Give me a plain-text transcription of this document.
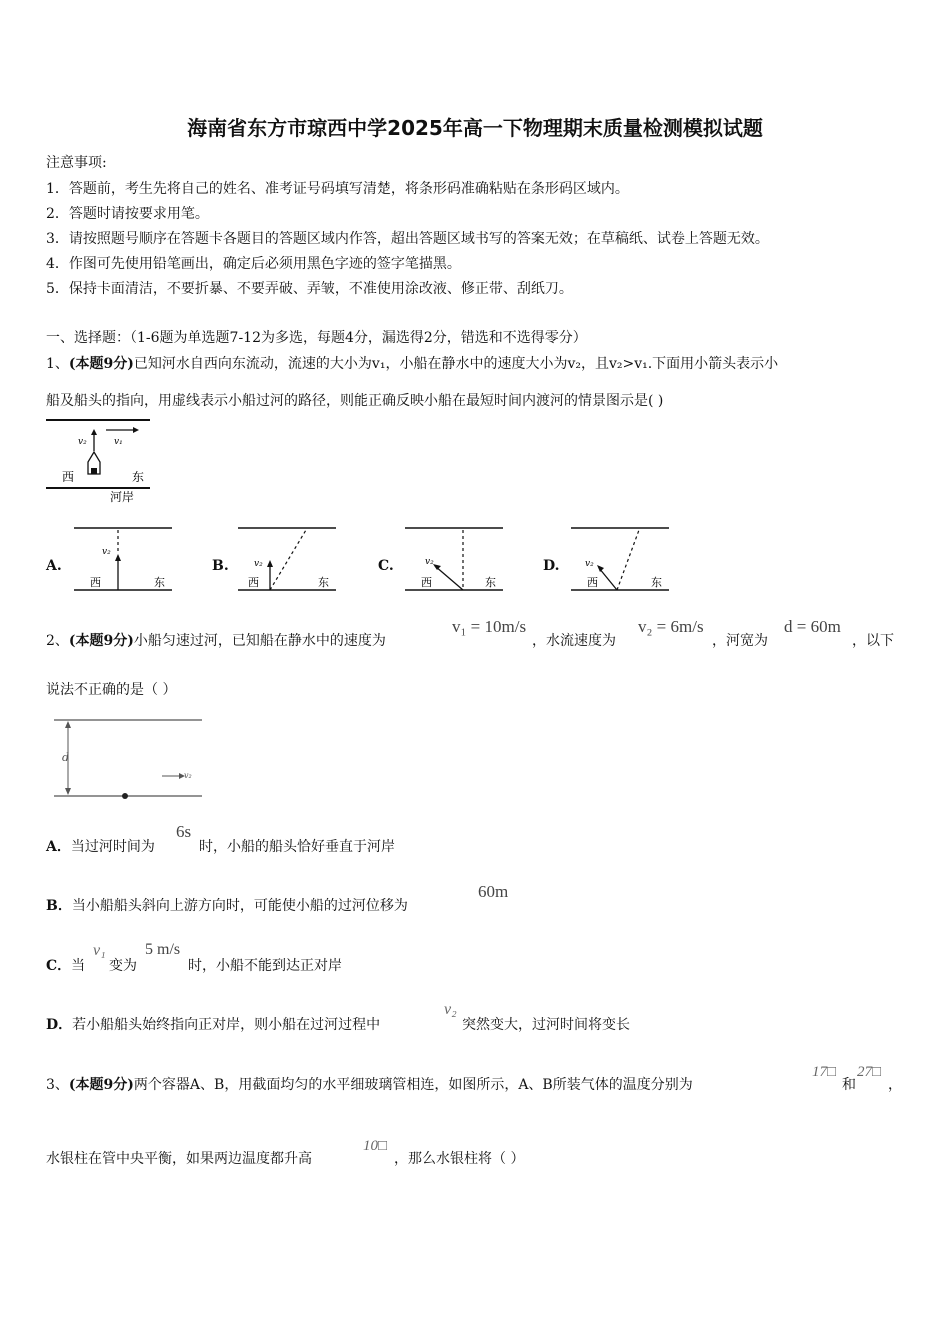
海南省东方市琼西中学2025年高一下物理期末质量检测模拟试题
注意事项:
1．答题前，考生先将自己的姓名、准考证号码填写清楚，将条形码准确粘贴在条形码区域内。
2．答题时请按要求用笔。
3．请按照题号顺序在答题卡各题目的答题区域内作答，超出答题区域书写的答案无效；在草稿纸、试卷上答题无效。
4．作图可先使用铅笔画出，确定后必须用黑色字迹的签字笔描黑。
5．保持卡面清洁，不要折暴、不要弄破、弄皱，不准使用涂改液、修正带、刮纸刀。
一、选择题：（1-6题为单选题7-12为多选，每题4分，漏选得2分，错选和不选得零分）
1、(本题9分)已知河水自西向东流动，流速的大小为v₁，小船在静水中的速度大小为v₂，且v₂>v₁.下面用小箭头表示小
船及船头的指向，用虚线表示小船过河的路径，则能正确反映小船在最短时间内渡河的情景图示是( )
v₂	v₁
西	东
河岸
A.
v₂
西	东
B.	v₂
西	东
C.	v₂
西	东
D.	v₂
西	东
2、(本题9分)小船匀速过河，已知船在静水中的速度为
v₁ = 10m/s
，水流速度为
v₂ = 6m/s
，河宽为
d = 60m
，以下
说法不正确的是（ ）
d
v₂
A．当过河时间为
6s
时，小船的船头恰好垂直于河岸
B．当小船船头斜向上游方向时，可能使小船的过河位移为
60m
C．当
v₁
变为
5 m/s
时，小船不能到达正对岸
D．若小船船头始终指向正对岸，则小船在过河过程中
v₂
突然变大，过河时间将变长
3、(本题9分)两个容器A、B，用截面均匀的水平细玻璃管相连，如图所示，A、B所装气体的温度分别为
17□
和
27□
，
水银柱在管中央平衡，如果两边温度都升高
10□
，那么水银柱将（ ）
